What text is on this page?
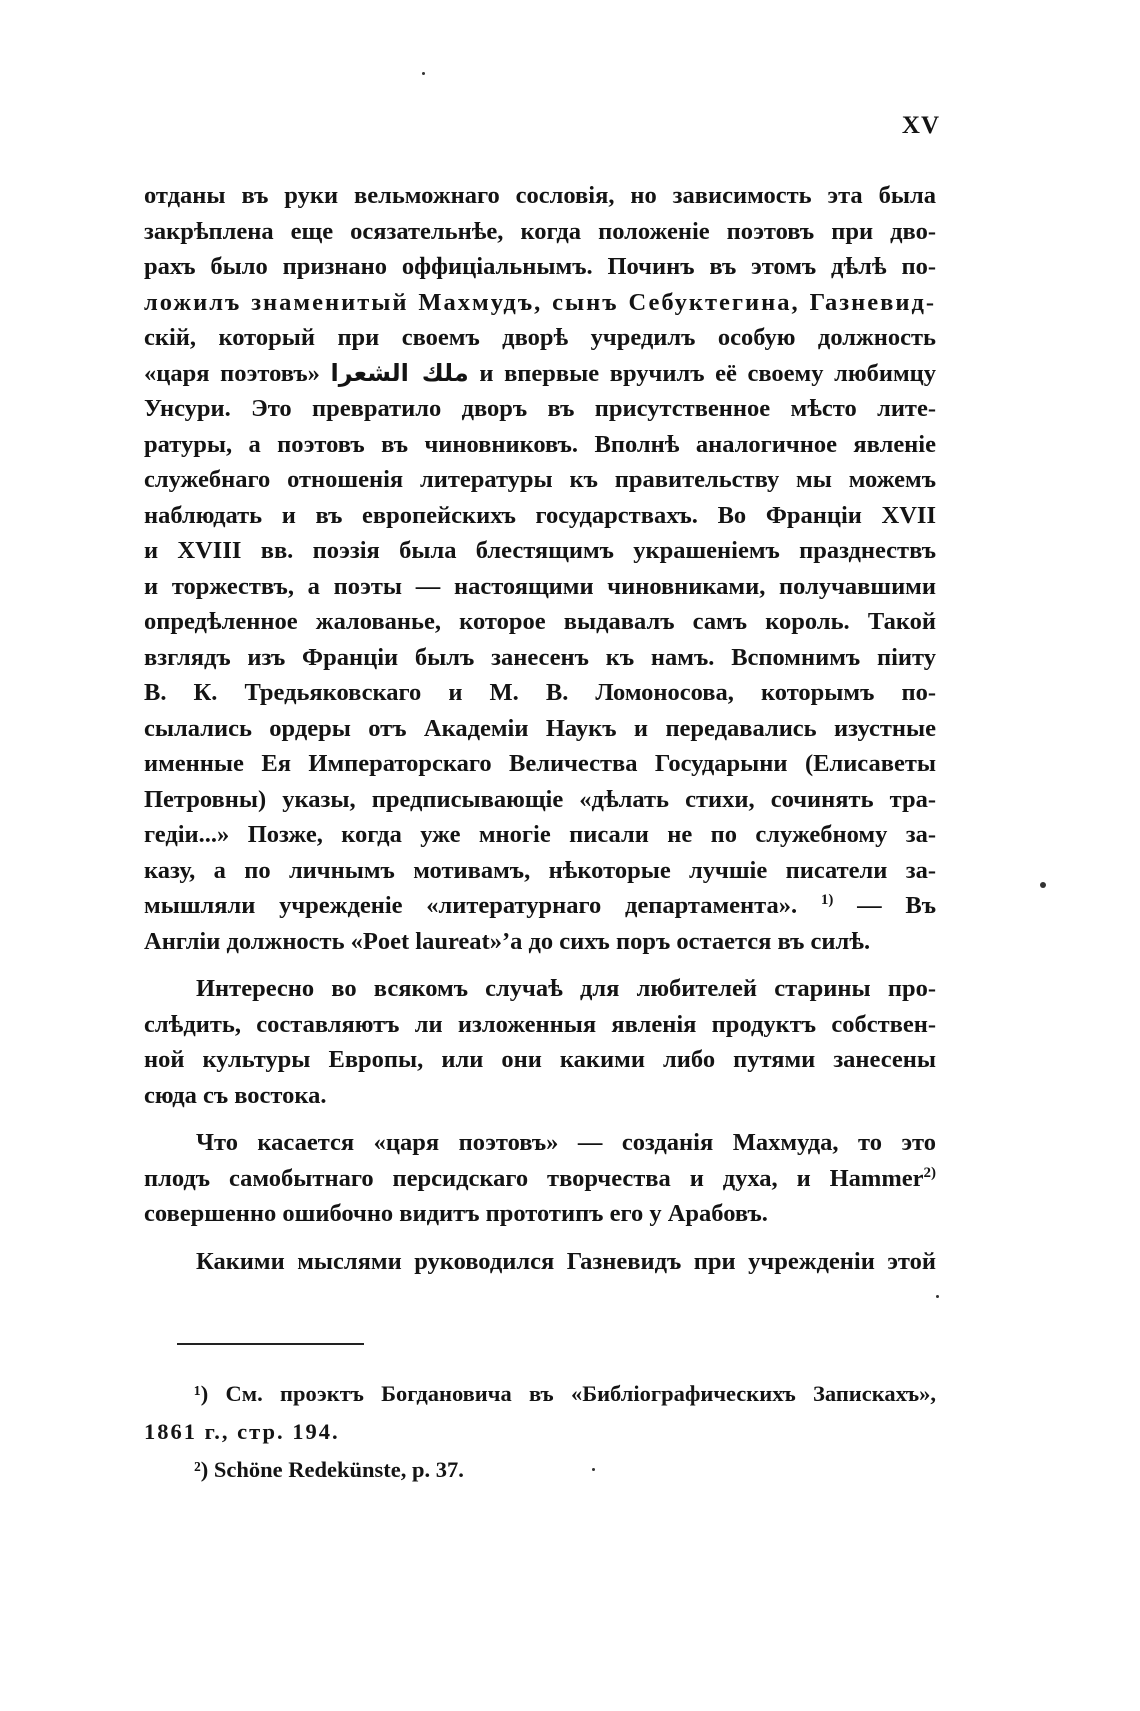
XV
отданы въ руки вельможнаго сословія, но зависимость эта была
закрѣплена еще осязательнѣе, когда положеніе поэтовъ при дво-
рахъ было признано оффиціальнымъ. Починъ въ этомъ дѣлѣ по-
ложилъ знаменитый Махмудъ, сынъ Себуктегина, Газневид-
скій, который при своемъ дворѣ учредилъ особую должность
«царя поэтовъ» ملك الشعرا и впервые вручилъ её своему любимцу
Унсури. Это превратило дворъ въ присутственное мѣсто лите-
ратуры, а поэтовъ въ чиновниковъ. Вполнѣ аналогичное явленіе
служебнаго отношенія литературы къ правительству мы можемъ
наблюдать и въ европейскихъ государствахъ. Во Франціи XVII
и XVIII вв. поэзія была блестящимъ украшеніемъ празднествъ
и торжествъ, а поэты — настоящими чиновниками, получавшими
опредѣленное жалованье, которое выдавалъ самъ король. Такой
взглядъ изъ Франціи былъ занесенъ къ намъ. Вспомнимъ піиту
В. К. Тредьяковскаго и М. В. Ломоносова, которымъ по-
сылались ордеры отъ Академіи Наукъ и передавались изустные
именные Ея Императорскаго Величества Государыни (Елисаветы
Петровны) указы, предписывающіе «дѣлать стихи, сочинять тра-
гедіи...» Позже, когда уже многіе писали не по служебному за-
казу, а по личнымъ мотивамъ, нѣкоторые лучшіе писатели за-
мышляли учрежденіе «литературнаго департамента». $^{1)}$ — Въ
Англіи должность «Poet laureat»’а до сихъ поръ остается въ силѣ.
Интересно во всякомъ случаѣ для любителей старины про-
слѣдить, составляютъ ли изложенныя явленія продуктъ собствен-
ной культуры Европы, или они какими либо путями занесены
сюда съ востока.
Что касается «царя поэтовъ» — созданія Махмуда, то это
плодъ самобытнаго персидскаго творчества и духа, и Hammer$^{2)}$
совершенно ошибочно видитъ прототипъ его у Арабовъ.
Какими мыслями руководился Газневидъ при учрежденіи этой
¹) См. проэктъ Богдановича въ «Библіографическихъ Запискахъ»,
1861 г., стр. 194.
²) Schöne Redekünste, p. 37.
